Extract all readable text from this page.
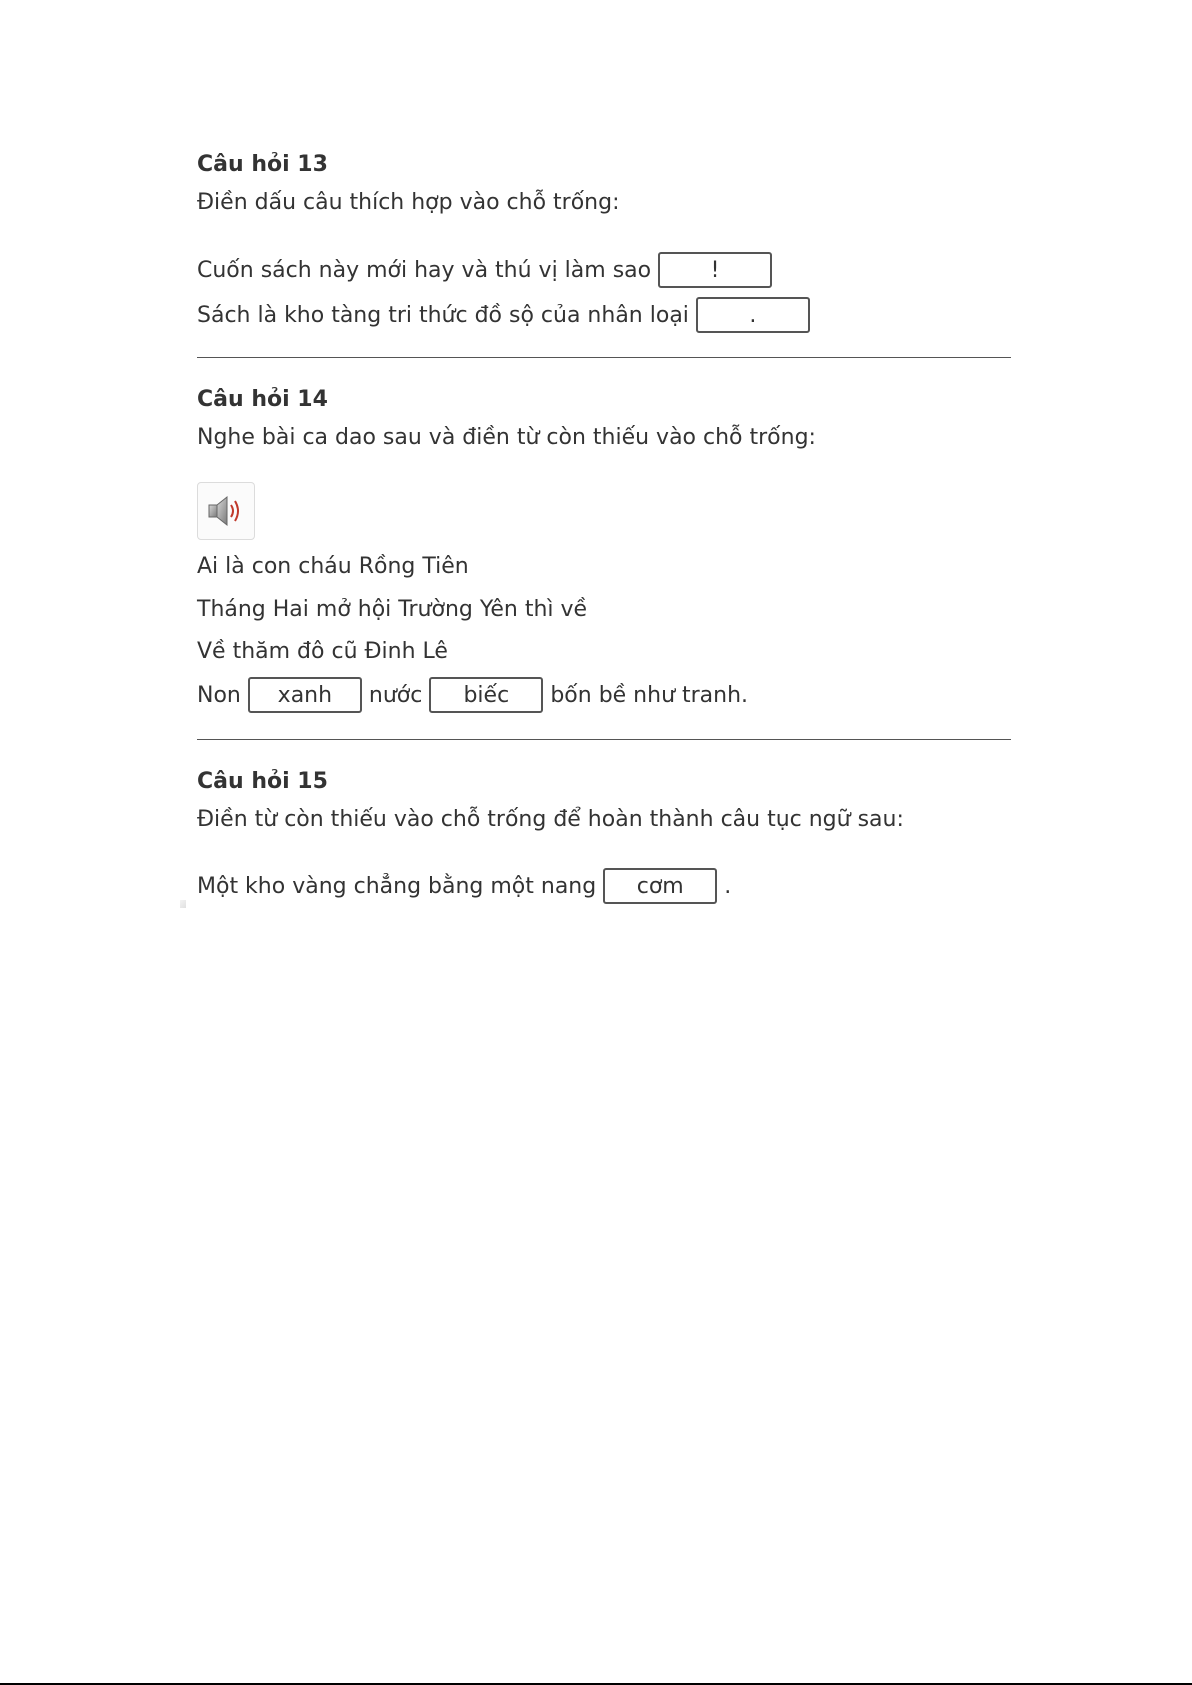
Câu hỏi 13
Điền dấu câu thích hợp vào chỗ trống:
Cuốn sách này mới hay và thú vị làm sao	!
Sách là kho tàng tri thức đồ sộ của nhân loại	.
Câu hỏi 14
Nghe bài ca dao sau và điền từ còn thiếu vào chỗ trống:
Ai là con cháu Rồng Tiên
Tháng Hai mở hội Trường Yên thì về
Về thăm đô cũ Đinh Lê
Non	xanh	nước	biếc	bốn bề như tranh.
Câu hỏi 15
Điền từ còn thiếu vào chỗ trống để hoàn thành câu tục ngữ sau:
Một kho vàng chẳng bằng một nang	cơm	.
